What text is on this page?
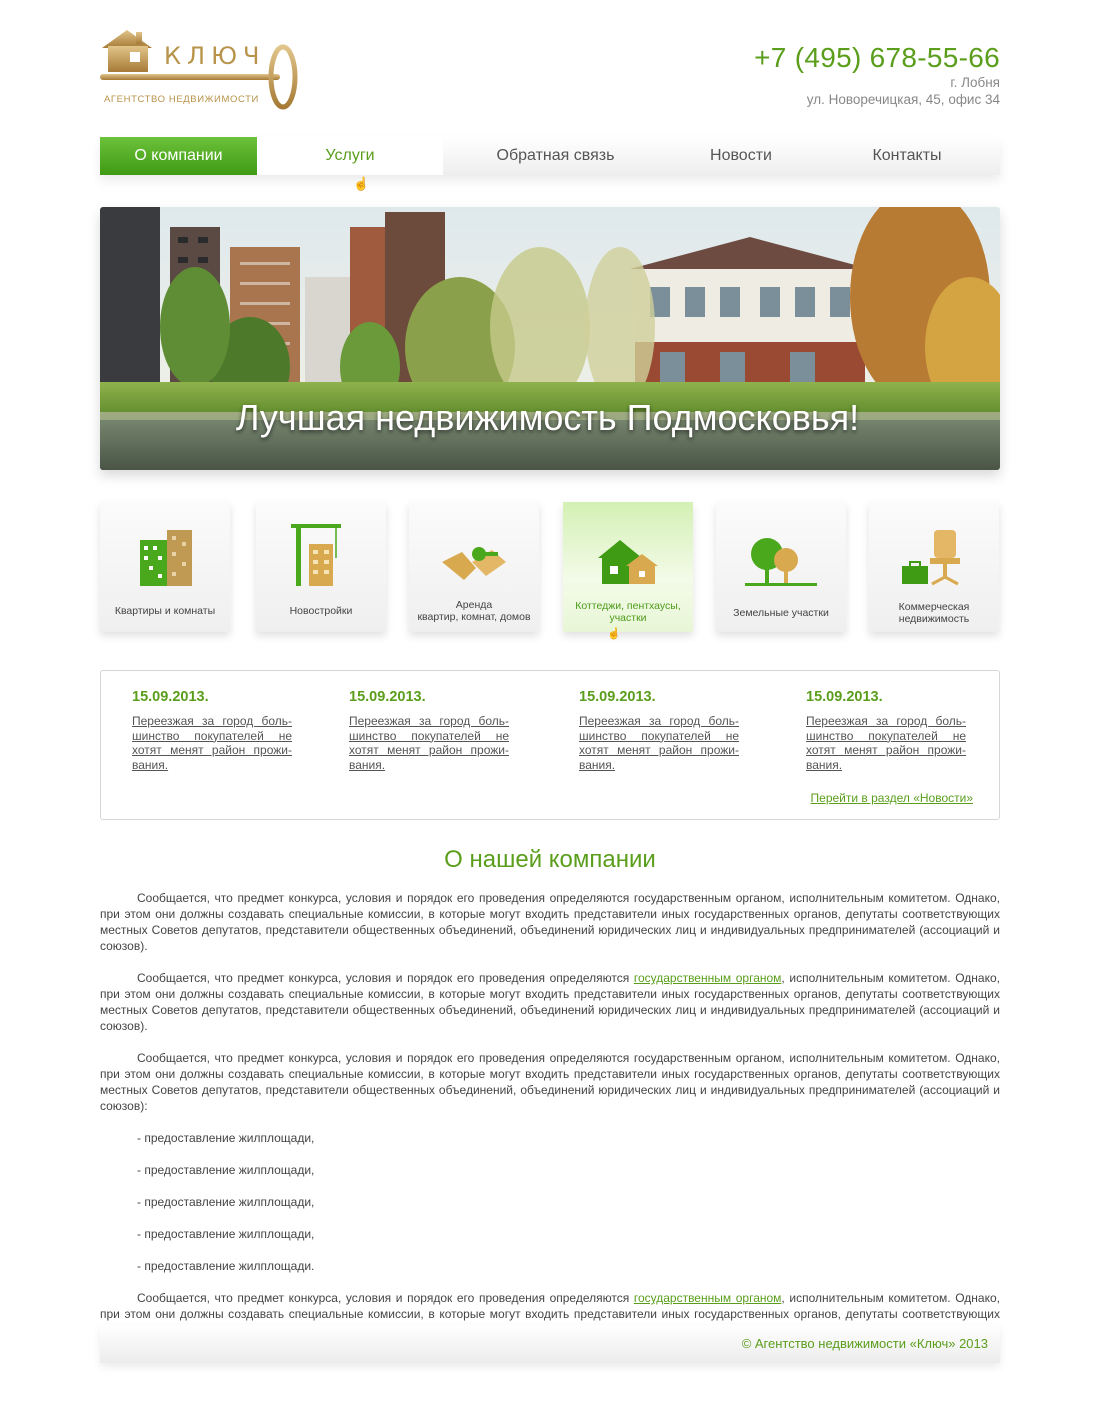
КЛЮЧ
АГЕНТСТВО НЕДВИЖИМОСТИ
+7 (495) 678-55-66
г. Лобня
ул. Новоречицкая, 45, офис 34
О компании	Услуги	Обратная связь	Новости	Контакты
☝
Лучшая недвижимость Подмосковья!
Квартиры и комнаты	Новостройки	Аренда
квартир, комнат, домов
Коттеджи, пентхаусы,
участки	Земельные участки	Коммерческая
недвижимость
☝
15.09.2013.
Переезжая за город боль-шинство покупателей не хотят менят район прожи-вания.
15.09.2013.
Переезжая за город боль-шинство покупателей не хотят менят район прожи-вания.
15.09.2013.
Переезжая за город боль-шинство покупателей не хотят менят район прожи-вания.
15.09.2013.
Переезжая за город боль-шинство покупателей не хотят менят район прожи-вания.
Перейти в раздел «Новости»
О нашей компании

Сообщается, что предмет конкурса, условия и порядок его проведения определяются государственным органом, исполнительным комитетом. Однако, при этом они должны создавать специальные комиссии, в которые могут входить представители иных государственных органов, депутаты соответствующих местных Советов депутатов, представители общественных объединений, объединений юридических лиц и индивидуальных предпринимателей (ассоциаций и союзов).

Сообщается, что предмет конкурса, условия и порядок его проведения определяются государственным органом, исполнительным комитетом. Однако, при этом они должны создавать специальные комиссии, в которые могут входить представители иных государственных органов, депутаты соответствующих местных Советов депутатов, представители общественных объединений, объединений юридических лиц и индивидуальных предпринимателей (ассоциаций и союзов).

Сообщается, что предмет конкурса, условия и порядок его проведения определяются государственным органом, исполнительным комитетом. Однако, при этом они должны создавать специальные комиссии, в которые могут входить представители иных государственных органов, депутаты соответствующих местных Советов депутатов, представители общественных объединений, объединений юридических лиц и индивидуальных предпринимателей (ассоциаций и союзов):

- предоставление жилплощади,

- предоставление жилплощади,

- предоставление жилплощади,

- предоставление жилплощади,

- предоставление жилплощади.

Сообщается, что предмет конкурса, условия и порядок его проведения определяются государственным органом, исполнительным комитетом. Однако, при этом они должны создавать специальные комиссии, в которые могут входить представители иных государственных органов, депутаты соответствующих

© Агентство недвижимости «Ключ» 2013
